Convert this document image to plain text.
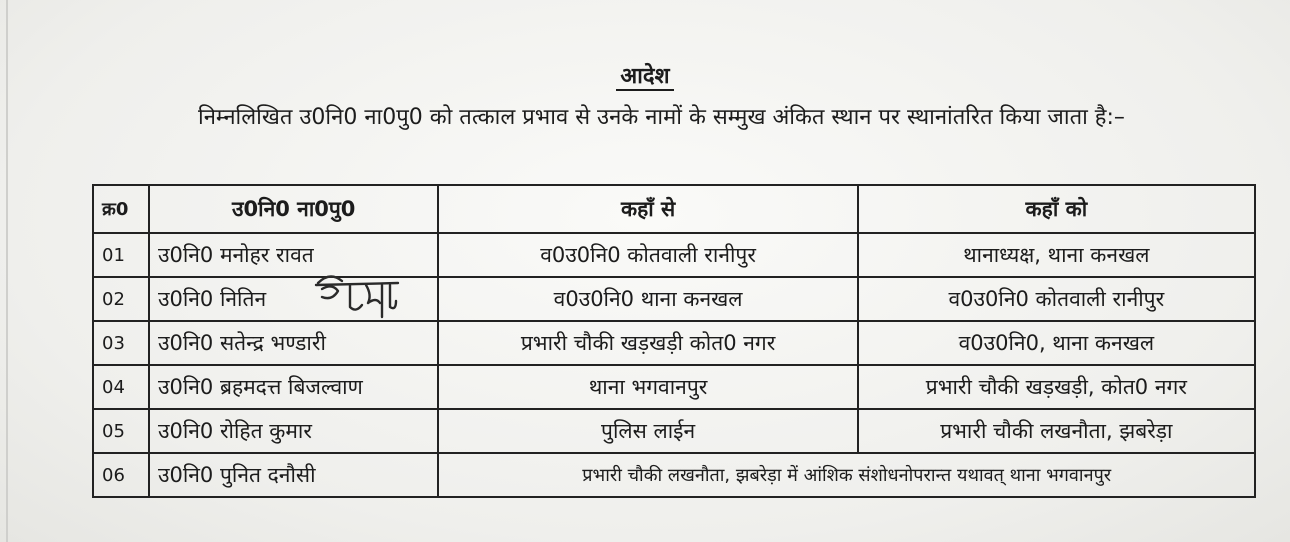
आदेश
निम्नलिखित उ0नि0 ना0पु0 को तत्काल प्रभाव से उनके नामों के सम्मुख अंकित स्थान पर स्थानांतरित किया जाता है:–
क्र0	उ0नि0 ना0पु0	कहाँ से	कहाँ को
01	उ0नि0 मनोहर रावत	व0उ0नि0 कोतवाली रानीपुर	थानाध्यक्ष, थाना कनखल
02	उ0नि0 नितिन	व0उ0नि0 थाना कनखल	व0उ0नि0 कोतवाली रानीपुर
03	उ0नि0 सतेन्द्र भण्डारी	प्रभारी चौकी खड़खड़ी कोत0 नगर	व0उ0नि0, थाना कनखल
04	उ0नि0 ब्रहमदत्त बिजल्वाण	थाना भगवानपुर	प्रभारी चौकी खड़खड़ी, कोत0 नगर
05	उ0नि0 रोहित कुमार	पुलिस लाईन	प्रभारी चौकी लखनौता, झबरेड़ा
06	उ0नि0 पुनित दनौसी	प्रभारी चौकी लखनौता, झबरेड़ा में आंशिक संशोधनोपरान्त यथावत् थाना भगवानपुर	
